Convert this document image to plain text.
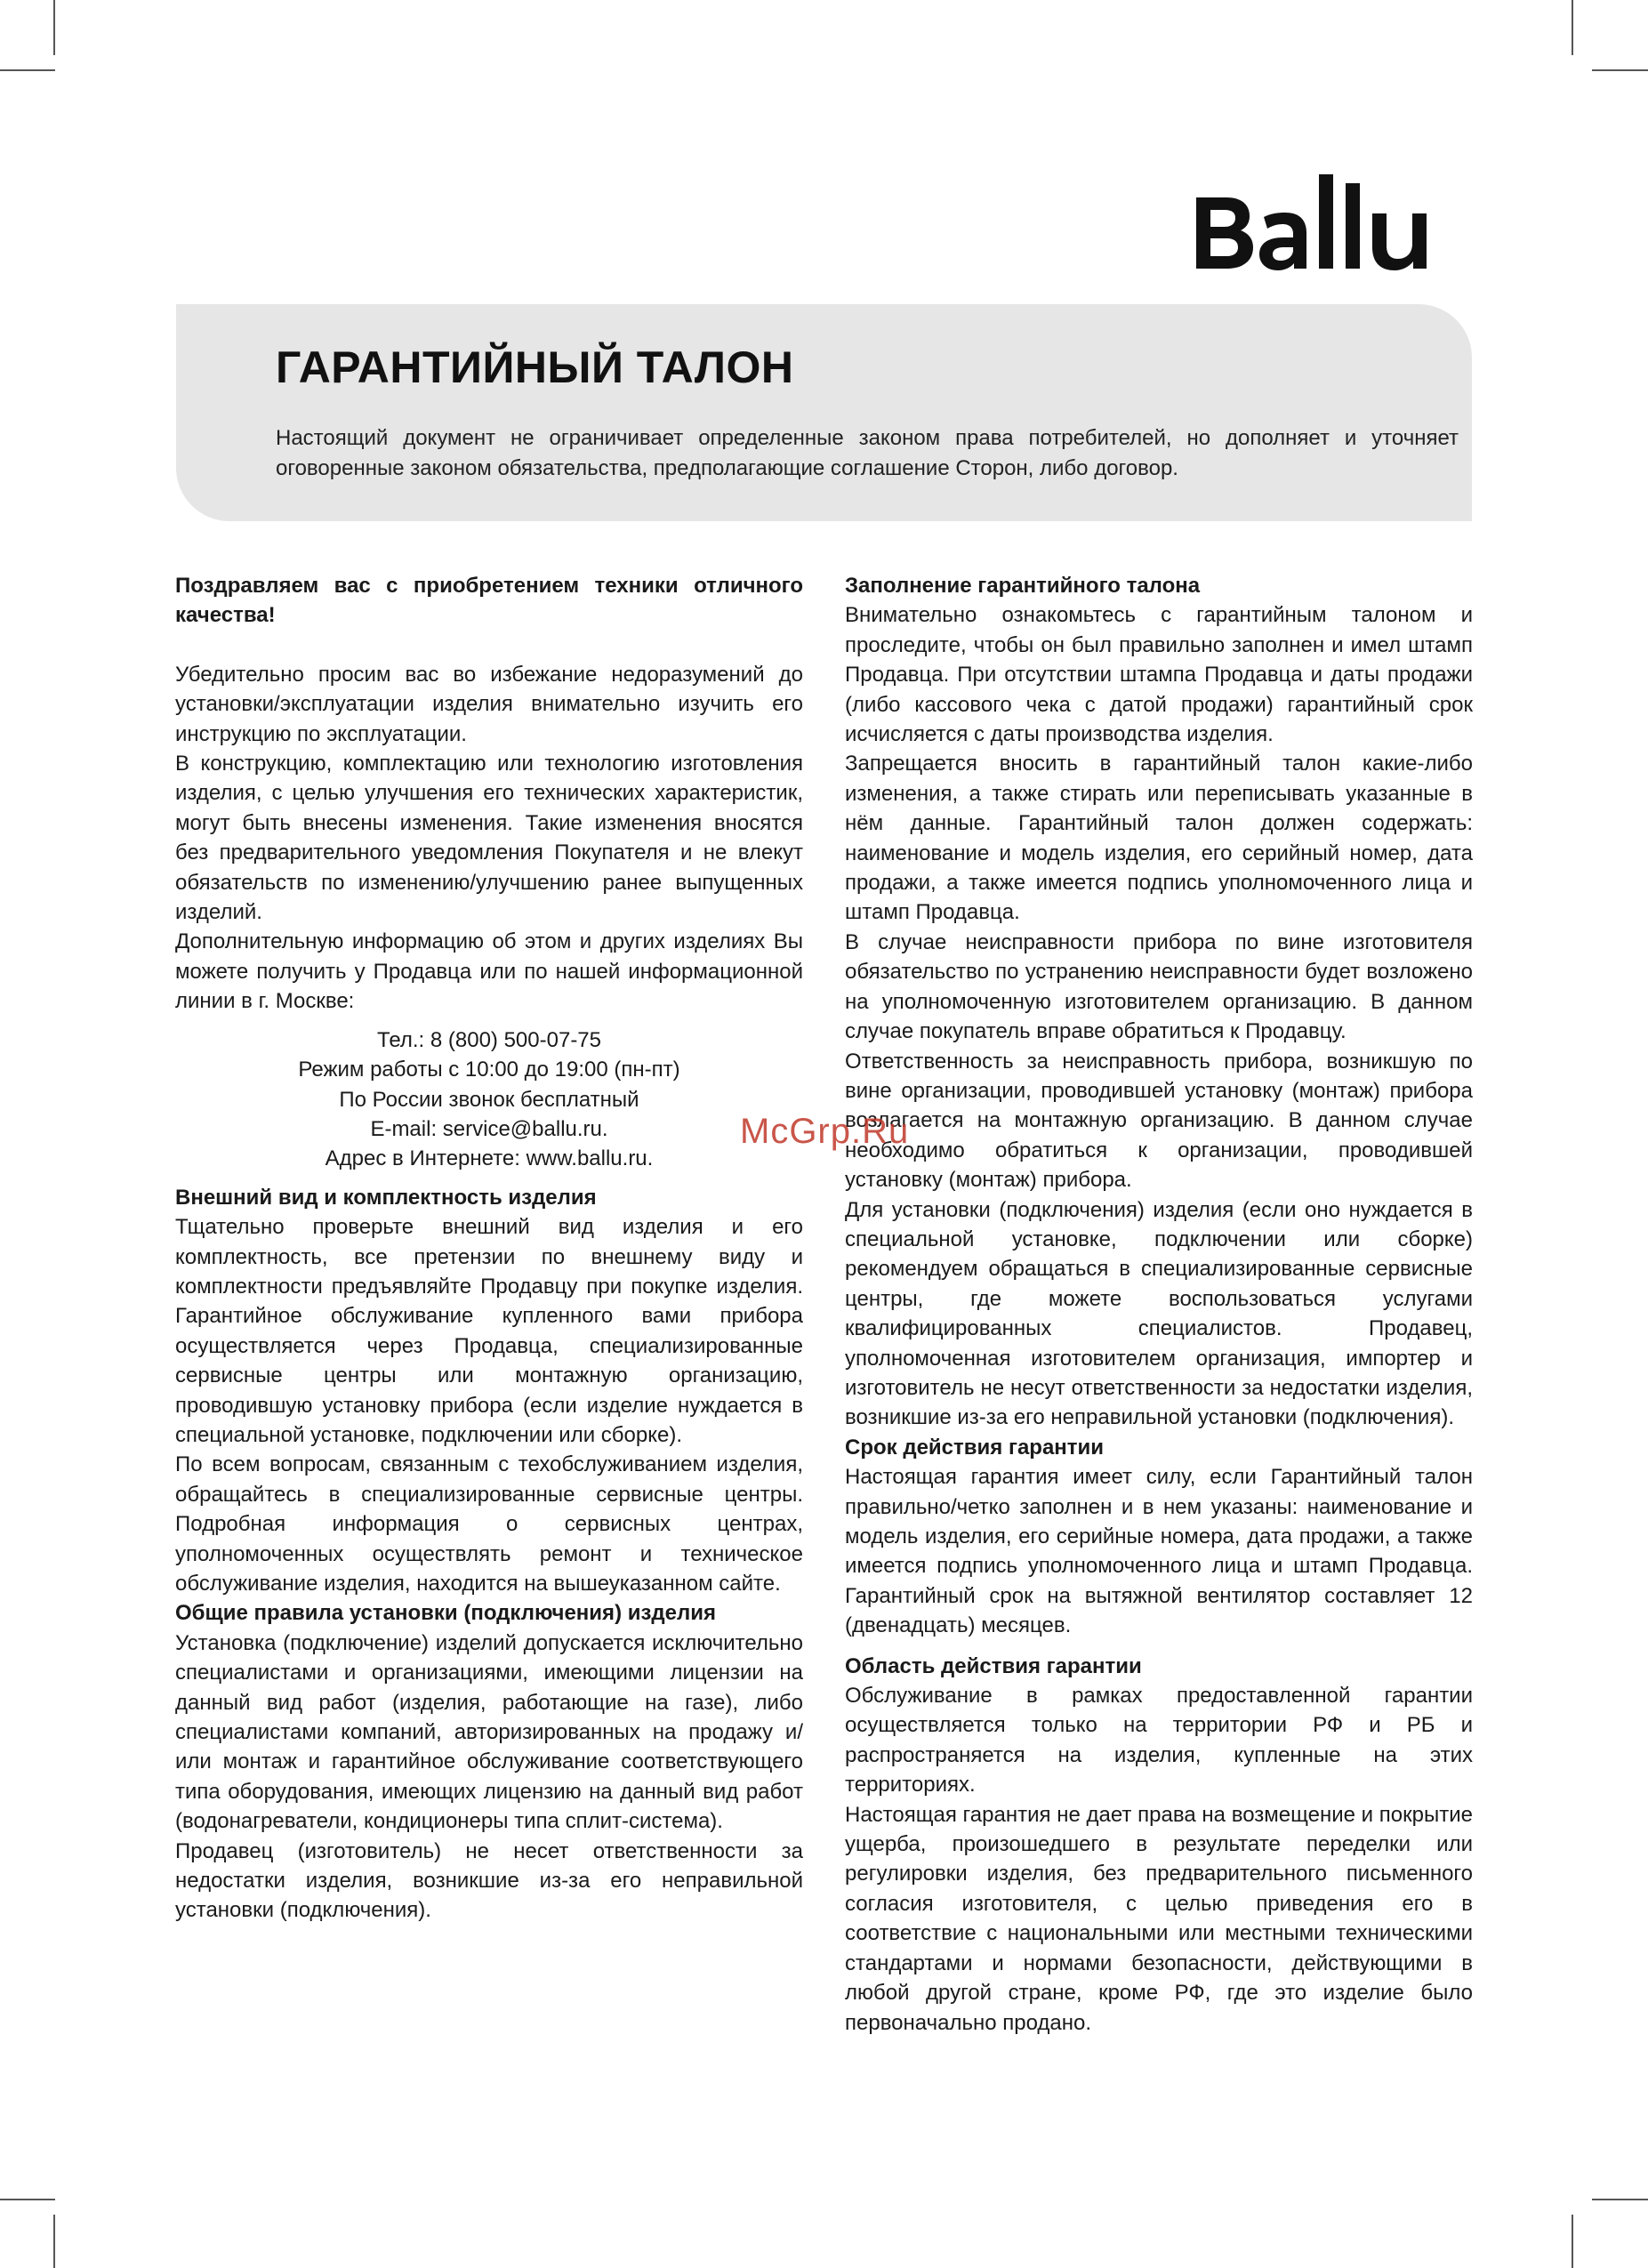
ГАРАНТИЙНЫЙ ТАЛОН

Настоящий документ не ограничивает определенные законом права потребителей, но дополняет и уточняет оговоренные законом обязательства, предполагающие соглашение Сторон, либо договор.

Поздравляем вас с приобретением техники отличного качества!

Убедительно просим вас во избежание недоразумений до установки/эксплуатации изделия внимательно изучить его инструкцию по эксплуатации.

В конструкцию, комплектацию или технологию изготовления изделия, с целью улучшения его технических характеристик, могут быть внесены изменения. Такие изменения вносятся без предварительного уведомления Покупателя и не влекут обязательств по изменению/улучшению ранее выпущенных изделий.

Дополнительную информацию об этом и других изделиях Вы можете получить у Продавца или по нашей информационной линии в г. Москве:

Тел.: 8 (800) 500-07-75
Режим работы с 10:00 до 19:00 (пн-пт)
По России звонок бесплатный
E-mail: service@ballu.ru.
Адрес в Интернете: www.ballu.ru.

Внешний вид и комплектность изделия

Тщательно проверьте внешний вид изделия и его комплектность, все претензии по внешнему виду и комплектности предъявляйте Продавцу при покупке изделия. Гарантийное обслуживание купленного вами прибора осуществляется через Продавца, специализированные сервисные центры или монтажную организацию, проводившую установку прибора (если изделие нуждается в специальной установке, подключении или сборке).

По всем вопросам, связанным с техобслуживанием изделия, обращайтесь в специализированные сервисные центры. Подробная информация о сервисных центрах, уполномоченных осуществлять ремонт и техническое обслуживание изделия, находится на вышеуказанном сайте.

Общие правила установки (подключения) изделия

Установка (подключение) изделий допускается исключительно специалистами и организациями, имеющими лицензии на данный вид работ (изделия, работающие на газе), либо специалистами компаний, авторизированных на продажу и/или монтаж и гарантийное обслуживание соответствующего типа оборудования, имеющих лицензию на данный вид работ (водонагреватели, кондиционеры типа сплит-система).

Продавец (изготовитель) не несет ответственности за недостатки изделия, возникшие из-за его неправильной установки (подключения).

Заполнение гарантийного талона

Внимательно ознакомьтесь с гарантийным талоном и проследите, чтобы он был правильно заполнен и имел штамп Продавца. При отсутствии штампа Продавца и даты продажи (либо кассового чека с датой продажи) гарантийный срок исчисляется с даты производства изделия.

Запрещается вносить в гарантийный талон какие-либо изменения, а также стирать или переписывать указанные в нём данные. Гарантийный талон должен содержать: наименование и модель изделия, его серийный номер, дата продажи, а также имеется подпись уполномоченного лица и штамп Продавца.

В случае неисправности прибора по вине изготовителя обязательство по устранению неисправности будет возложено на уполномоченную изготовителем организацию. В данном случае покупатель вправе обратиться к Продавцу.

Ответственность за неисправность прибора, возникшую по вине организации, проводившей установку (монтаж) прибора возлагается на монтажную организацию. В данном случае необходимо обратиться к организации, проводившей установку (монтаж) прибора.

Для установки (подключения) изделия (если оно нуждается в специальной установке, подключении или сборке) рекомендуем обращаться в специализированные сервисные центры, где можете воспользоваться услугами квалифицированных специалистов. Продавец, уполномоченная изготовителем организация, импортер и изготовитель не несут ответственности за недостатки изделия, возникшие из-за его неправильной установки (подключения).

Срок действия гарантии

Настоящая гарантия имеет силу, если Гарантийный талон правильно/четко заполнен и в нем указаны: наименование и модель изделия, его серийные номера, дата продажи, а также имеется подпись уполномоченного лица и штамп Продавца. Гарантийный срок на вытяжной вентилятор составляет 12 (двенадцать) месяцев.

Область действия гарантии

Обслуживание в рамках предоставленной гарантии осуществляется только на территории РФ и РБ и распространяется на изделия, купленные на этих территориях.

Настоящая гарантия не дает права на возмещение и покрытие ущерба, произошедшего в результате переделки или регулировки изделия, без предварительного письменного согласия изготовителя, с целью приведения его в соответствие с национальными или местными техническими стандартами и нормами безопасности, действующими в любой другой стране, кроме РФ, где это изделие было первоначально продано.

McGrp.Ru
